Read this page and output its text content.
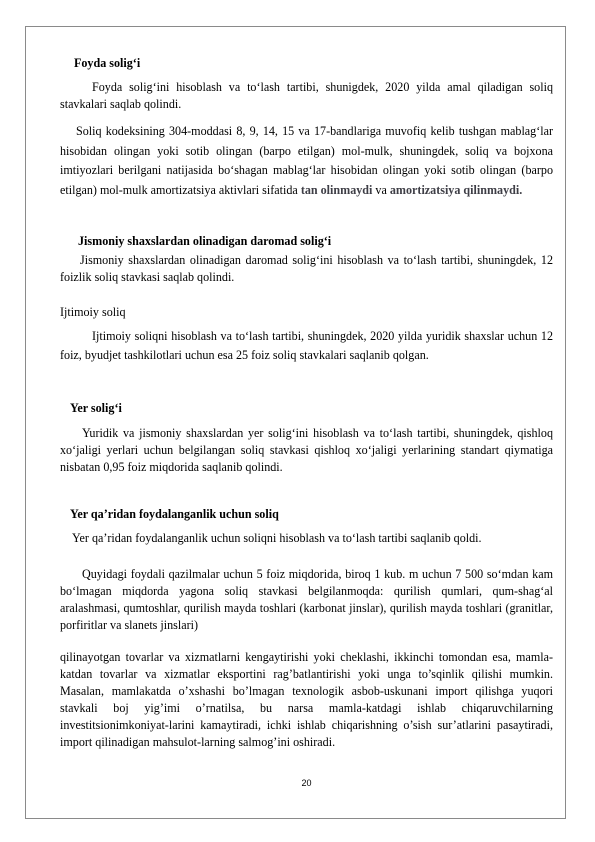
Foyda solig‘i

Foyda solig‘ini hisoblash va to‘lash tartibi, shunigdek, 2020 yilda amal qiladigan soliq stavkalari saqlab qolindi.

Soliq kodeksining 304-moddasi 8, 9, 14, 15 va 17-bandlariga muvofiq kelib tushgan mablag‘lar hisobidan olingan yoki sotib olingan (barpo etilgan) mol-mulk, shuningdek, soliq va bojxona imtiyozlari berilgani natijasida bo‘shagan mablag‘lar hisobidan olingan yoki sotib olingan (barpo etilgan) mol-mulk amortizatsiya aktivlari sifatida tan olinmaydi va amortizatsiya qilinmaydi.

Jismoniy shaxslardan olinadigan daromad solig‘i

Jismoniy shaxslardan olinadigan daromad solig‘ini hisoblash va to‘lash tartibi, shuningdek, 12 foizlik soliq stavkasi saqlab qolindi.

Ijtimoiy soliq

Ijtimoiy soliqni hisoblash va to‘lash tartibi, shuningdek, 2020 yilda yuridik shaxslar uchun 12 foiz, byudjet tashkilotlari uchun esa 25 foiz soliq stavkalari saqlanib qolgan.

Yer solig‘i

Yuridik va jismoniy shaxslardan yer solig‘ini hisoblash va to‘lash tartibi, shuningdek, qishloq xo‘jaligi yerlari uchun belgilangan soliq stavkasi qishloq xo‘jaligi yerlarining standart qiymatiga nisbatan 0,95 foiz miqdorida saqlanib qolindi.

Yer qa’ridan foydalanganlik uchun soliq

Yer qa’ridan foydalanganlik uchun soliqni hisoblash va to‘lash tartibi saqlanib qoldi.

Quyidagi foydali qazilmalar uchun 5 foiz miqdorida, biroq 1 kub. m uchun 7 500 so‘mdan kam bo‘lmagan miqdorda yagona soliq stavkasi belgilanmoqda: qurilish qumlari, qum-shag‘al aralashmasi, qumtoshlar, qurilish mayda toshlari (karbonat jinslar), qurilish mayda toshlari (granitlar, porfiritlar va slanets jinslari)

qilinayotgan tovarlar va xizmatlarni kengaytirishi yoki cheklashi, ikkinchi tomondan esa, mamla-katdan tovarlar va xizmatlar eksportini rag’batlantirishi yoki unga to’sqinlik qilishi mumkin. Masalan, mamlakatda o’xshashi bo’lmagan texnologik asbob-uskunani import qilishga yuqori stavkali boj yig’imi o’rnatilsa, bu narsa mamla-katdagi ishlab chiqaruvchilarning investitsionimkoniyat-larini kamaytiradi, ichki ishlab chiqarishning o’sish sur’atlarini pasaytiradi, import qilinadigan mahsulot-larning salmog’ini oshiradi.

20
